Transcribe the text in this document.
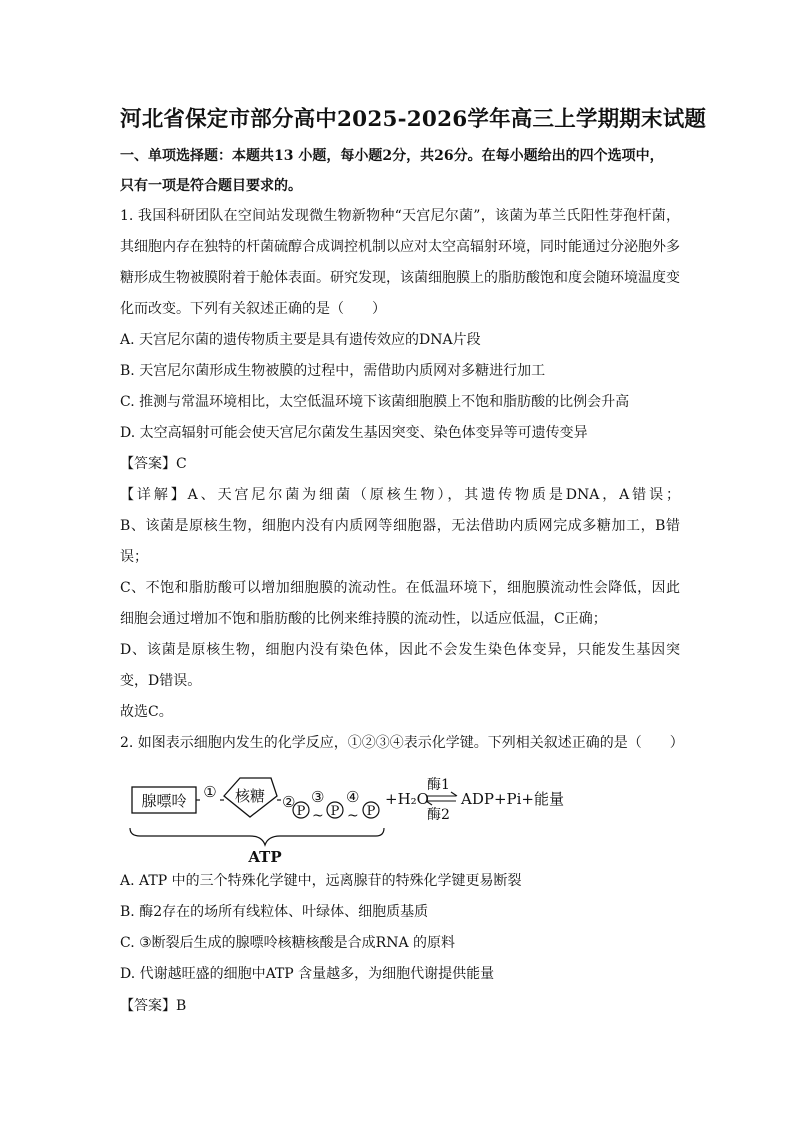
河北省保定市部分高中2025-2026学年高三上学期期末试题
一、单项选择题：本题共13 小题，每小题2分，共26分。在每小题给出的四个选项中，
只有一项是符合题目要求的。
1. 我国科研团队在空间站发现微生物新物种“天宫尼尔菌”，该菌为革兰氏阳性芽孢杆菌，
其细胞内存在独特的杆菌硫醇合成调控机制以应对太空高辐射环境，同时能通过分泌胞外多
糖形成生物被膜附着于舱体表面。研究发现，该菌细胞膜上的脂肪酸饱和度会随环境温度变
化而改变。下列有关叙述正确的是（　　）
A. 天宫尼尔菌的遗传物质主要是具有遗传效应的DNA片段
B. 天宫尼尔菌形成生物被膜的过程中，需借助内质网对多糖进行加工
C. 推测与常温环境相比，太空低温环境下该菌细胞膜上不饱和脂肪酸的比例会升高
D. 太空高辐射可能会使天宫尼尔菌发生基因突变、染色体变异等可遗传变异
【答案】C
【详解】A、天宫尼尔菌为细菌（原核生物），其遗传物质是DNA，A错误；
B、该菌是原核生物，细胞内没有内质网等细胞器，无法借助内质网完成多糖加工，B错
误；
C、不饱和脂肪酸可以增加细胞膜的流动性。在低温环境下，细胞膜流动性会降低，因此
细胞会通过增加不饱和脂肪酸的比例来维持膜的流动性，以适应低温，C正确；
D、该菌是原核生物，细胞内没有染色体，因此不会发生染色体变异，只能发生基因突
变，D错误。
故选C。
2. 如图表示细胞内发生的化学反应，①②③④表示化学键。下列相关叙述正确的是（　　）
腺嘌呤 ① 核糖 ②
P
③
~ P
④
~ P
+H₂O
酶1
酶2
ADP+Pi+能量
ATP
A. ATP 中的三个特殊化学键中，远离腺苷的特殊化学键更易断裂
B. 酶2存在的场所有线粒体、叶绿体、细胞质基质
C. ③断裂后生成的腺嘌呤核糖核酸是合成RNA 的原料
D. 代谢越旺盛的细胞中ATP 含量越多，为细胞代谢提供能量
【答案】B
